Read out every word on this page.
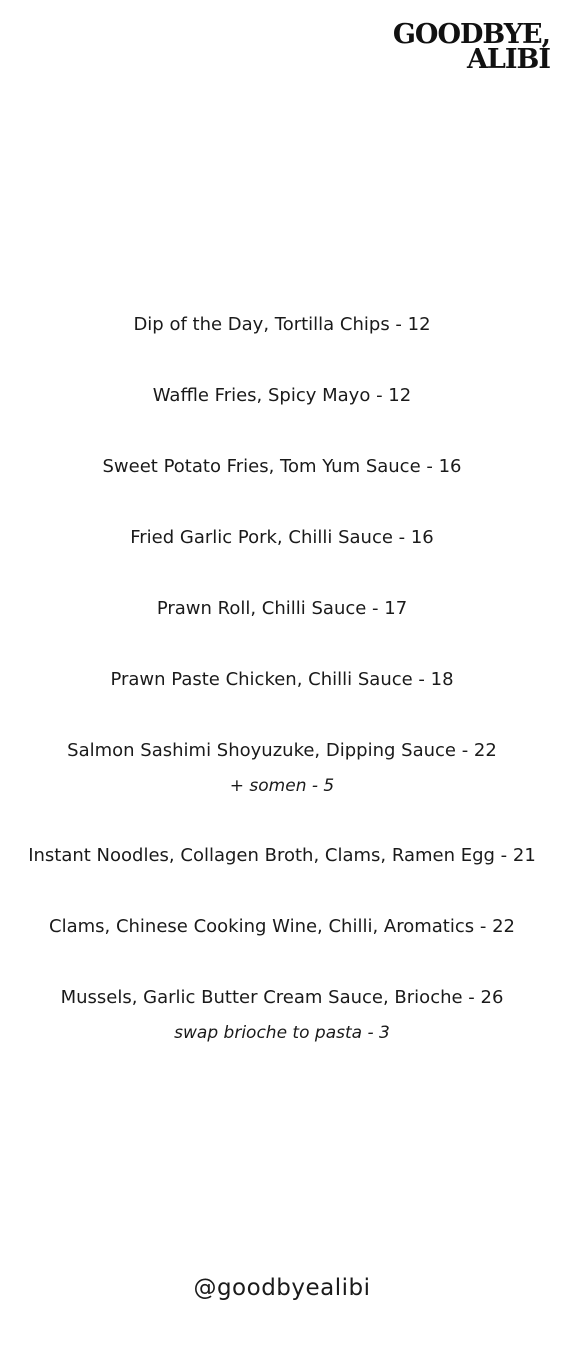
GOODBYE,
ALIBI

Dip of the Day, Tortilla Chips - 12

Waffle Fries, Spicy Mayo - 12

Sweet Potato Fries, Tom Yum Sauce - 16

Fried Garlic Pork, Chilli Sauce - 16

Prawn Roll, Chilli Sauce - 17

Prawn Paste Chicken, Chilli Sauce - 18

Salmon Sashimi Shoyuzuke, Dipping Sauce - 22

+ somen - 5

Instant Noodles, Collagen Broth, Clams, Ramen Egg - 21

Clams, Chinese Cooking Wine, Chilli, Aromatics - 22

Mussels, Garlic Butter Cream Sauce, Brioche - 26

swap brioche to pasta - 3
@goodbyealibi
